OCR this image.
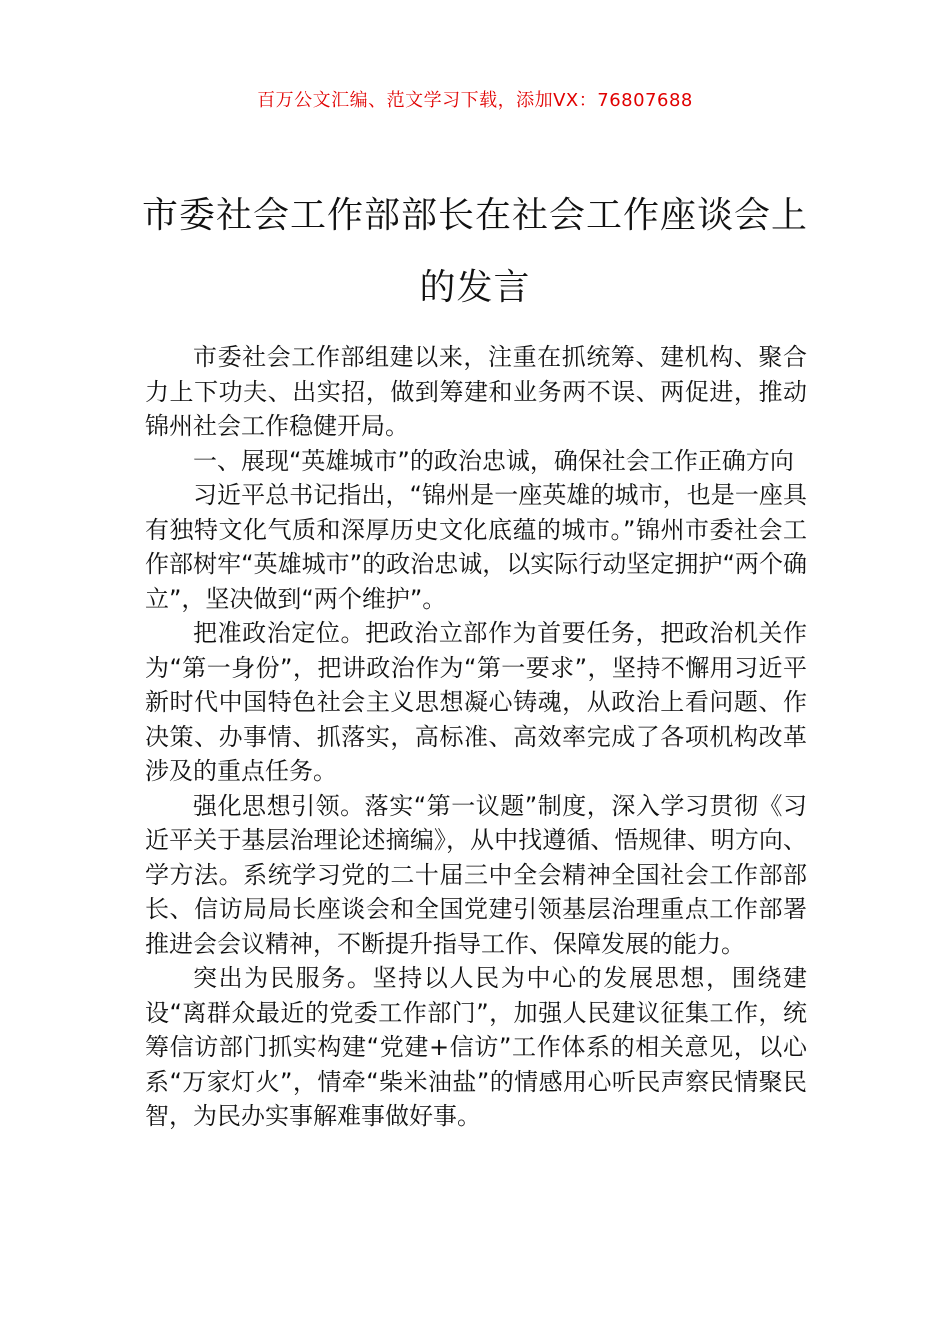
百万公文汇编、范文学习下载，添加VX：76807688
市委社会工作部部长在社会工作座谈会上
的发言

市委社会工作部组建以来，注重在抓统筹、建机构、聚合力上下功夫、出实招，做到筹建和业务两不误、两促进，推动锦州社会工作稳健开局。

一、展现“英雄城市”的政治忠诚，确保社会工作正确方向

习近平总书记指出，“锦州是一座英雄的城市，也是一座具有独特文化气质和深厚历史文化底蕴的城市。”锦州市委社会工作部树牢“英雄城市”的政治忠诚，以实际行动坚定拥护“两个确立”，坚决做到“两个维护”。

把准政治定位。把政治立部作为首要任务，把政治机关作为“第一身份”，把讲政治作为“第一要求”，坚持不懈用习近平新时代中国特色社会主义思想凝心铸魂，从政治上看问题、作决策、办事情、抓落实，高标准、高效率完成了各项机构改革涉及的重点任务。

强化思想引领。落实“第一议题”制度，深入学习贯彻《习近平关于基层治理论述摘编》，从中找遵循、悟规律、明方向、学方法。系统学习党的二十届三中全会精神全国社会工作部部长、信访局局长座谈会和全国党建引领基层治理重点工作部署推进会会议精神，不断提升指导工作、保障发展的能力。

突出为民服务。坚持以人民为中心的发展思想，围绕建设“离群众最近的党委工作部门”，加强人民建议征集工作，统筹信访部门抓实构建“党建+信访”工作体系的相关意见，以心系“万家灯火”，情牵“柴米油盐”的情感用心听民声察民情聚民智，为民办实事解难事做好事。
